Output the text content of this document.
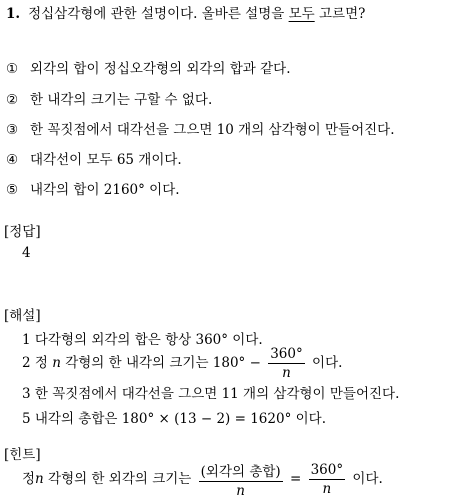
1. 정십삼각형에 관한 설명이다. 올바른 설명을 모두 고르면?
① 외각의 합이 정십오각형의 외각의 합과 같다.
② 한 내각의 크기는 구할 수 없다.
③ 한 꼭짓점에서 대각선을 그으면 10 개의 삼각형이 만들어진다.
④ 대각선이 모두 65 개이다.
⑤ 내각의 합이 2160° 이다.
[정답]
4
[해설]
1 다각형의 외각의 합은 항상 360° 이다.
2 정 n 각형의 한 내각의 크기는 $180^\circ - \frac{360^\circ}{n}$ 이다.
3 한 꼭짓점에서 대각선을 그으면 11 개의 삼각형이 만들어진다.
5 내각의 총합은 180° × (13 − 2) = 1620° 이다.
[힌트]
정n 각형의 한 외각의 크기는 $\frac{\text{(외각의 총합)}}{n} = \frac{360^\circ}{n}$ 이다.
